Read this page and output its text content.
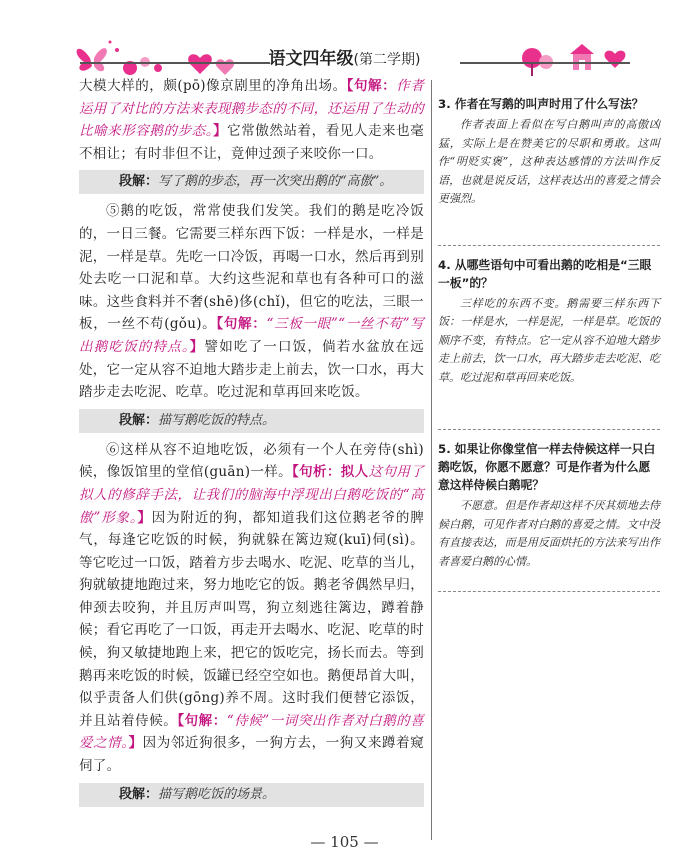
语文四年级(第二学期)

大模大样的，颇(pō)像京剧里的净角出场。【句解：作者运用了对比的方法来表现鹅步态的不同，还运用了生动的比喻来形容鹅的步态。】它常傲然站着，看见人走来也毫不相让；有时非但不让，竟伸过颈子来咬你一口。

段解：写了鹅的步态，再一次突出鹅的“高傲”。

⑤鹅的吃饭，常常使我们发笑。我们的鹅是吃冷饭的，一日三餐。它需要三样东西下饭：一样是水，一样是泥，一样是草。先吃一口冷饭，再喝一口水，然后再到别处去吃一口泥和草。大约这些泥和草也有各种可口的滋味。这些食料并不奢(shē)侈(chǐ)，但它的吃法，三眼一板，一丝不苟(gǒu)。【句解：“三板一眼”“一丝不苟”写出鹅吃饭的特点。】譬如吃了一口饭，倘若水盆放在远处，它一定从容不迫地大踏步走上前去，饮一口水，再大踏步走去吃泥、吃草。吃过泥和草再回来吃饭。

段解：描写鹅吃饭的特点。

⑥这样从容不迫地吃饭，必须有一个人在旁侍(shì)候，像饭馆里的堂倌(guān)一样。【句析：拟人这句用了拟人的修辞手法，让我们的脑海中浮现出白鹅吃饭的“高傲”形象。】因为附近的狗，都知道我们这位鹅老爷的脾气，每逢它吃饭的时候，狗就躲在篱边窥(kuī)伺(sì)。等它吃过一口饭，踏着方步去喝水、吃泥、吃草的当儿，狗就敏捷地跑过来，努力地吃它的饭。鹅老爷偶然早归，伸颈去咬狗，并且厉声叫骂，狗立刻逃往篱边，蹲着静候；看它再吃了一口饭，再走开去喝水、吃泥、吃草的时候，狗又敏捷地跑上来，把它的饭吃完，扬长而去。等到鹅再来吃饭的时候，饭罐已经空空如也。鹅便昂首大叫，似乎责备人们供(gōng)养不周。这时我们便替它添饭，并且站着侍候。【句解：“侍候”一词突出作者对白鹅的喜爱之情。】因为邻近狗很多，一狗方去，一狗又来蹲着窥伺了。

段解：描写鹅吃饭的场景。

3. 作者在写鹅的叫声时用了什么写法？

作者表面上看似在写白鹅叫声的高傲凶猛，实际上是在赞美它的尽职和勇敢。这叫作“明贬实褒”，这种表达感情的方法叫作反语，也就是说反话，这样表达出的喜爱之情会更强烈。

4. 从哪些语句中可看出鹅的吃相是“三眼一板”的？

三样吃的东西不变。鹅需要三样东西下饭：一样是水，一样是泥，一样是草。吃饭的顺序不变，有特点。它一定从容不迫地大踏步走上前去，饮一口水，再大踏步走去吃泥、吃草。吃过泥和草再回来吃饭。

5. 如果让你像堂倌一样去侍候这样一只白鹅吃饭，你愿不愿意？可是作者为什么愿意这样侍候白鹅呢？

不愿意。但是作者却这样不厌其烦地去侍候白鹅，可见作者对白鹅的喜爱之情。文中没有直接表达，而是用反面烘托的方法来写出作者喜爱白鹅的心情。

— 105 —
